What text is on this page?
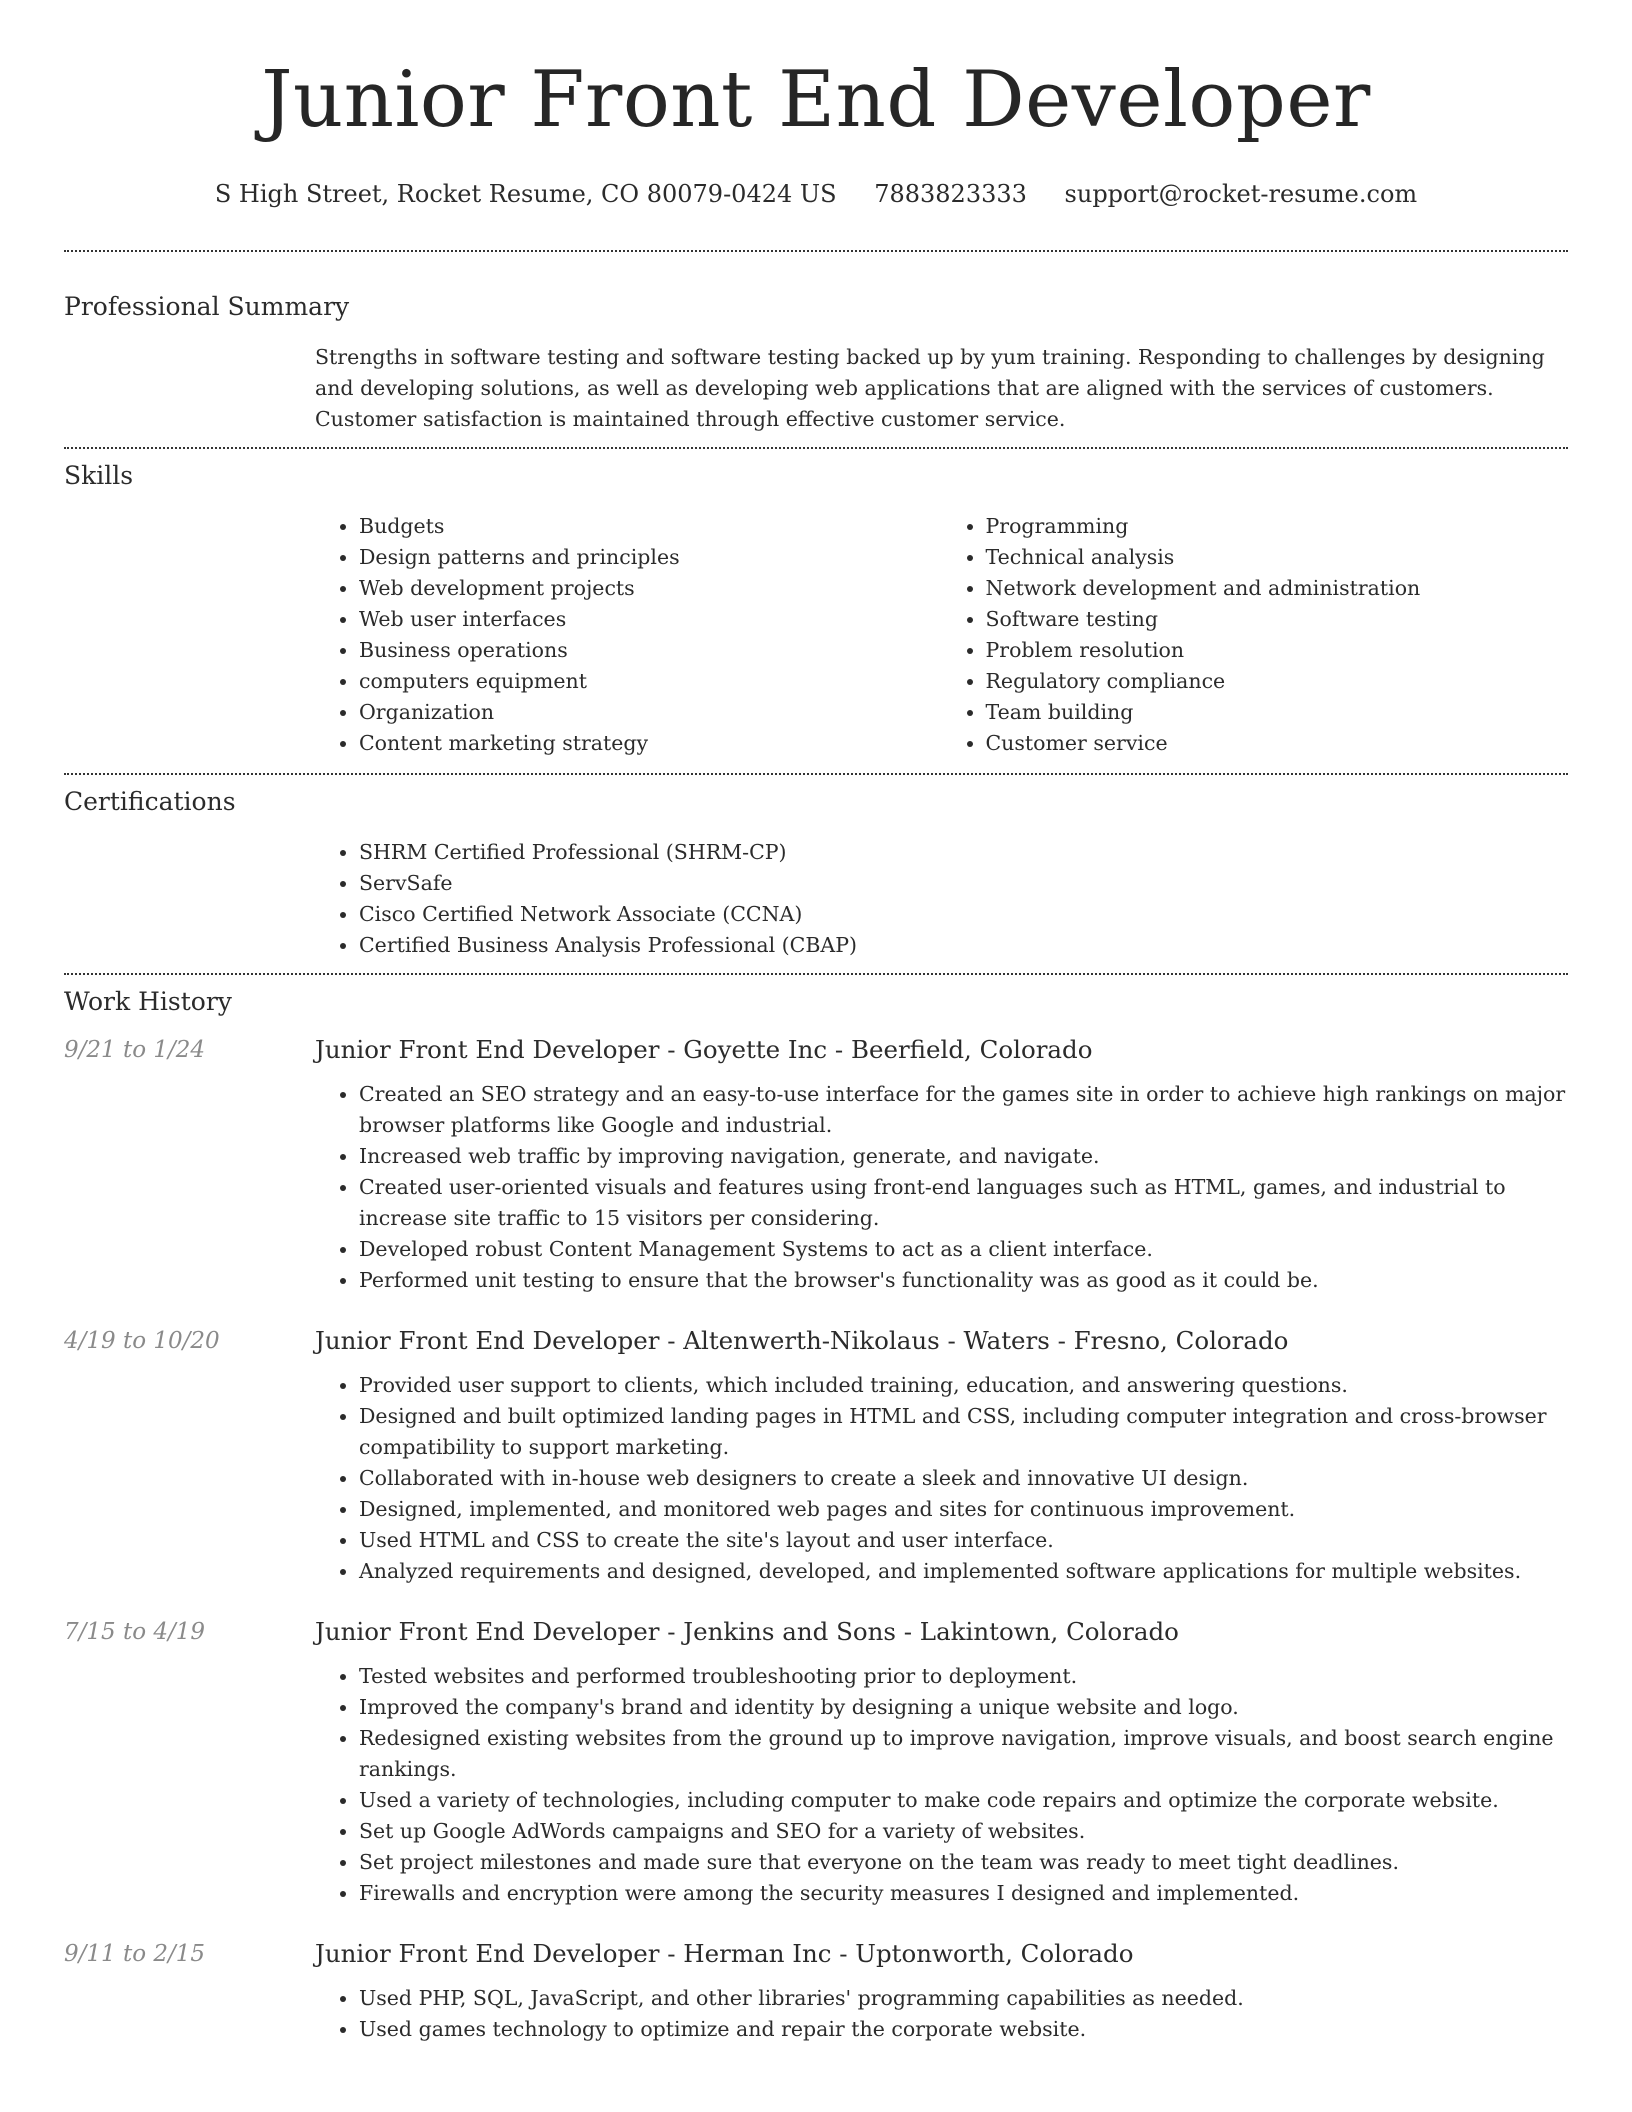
Junior Front End Developer
S High Street, Rocket Resume, CO 80079-0424 US 7883823333 support@rocket-resume.com
Professional Summary

Strengths in software testing and software testing backed up by yum training. Responding to challenges by designing and developing solutions, as well as developing web applications that are aligned with the services of customers. Customer satisfaction is maintained through effective customer service.

Skills
• Budgets
• Design patterns and principles
• Web development projects
• Web user interfaces
• Business operations
• computers equipment
• Organization
• Content marketing strategy
• Programming
• Technical analysis
• Network development and administration
• Software testing
• Problem resolution
• Regulatory compliance
• Team building
• Customer service
Certifications
• SHRM Certified Professional (SHRM-CP)
• ServSafe
• Cisco Certified Network Associate (CCNA)
• Certified Business Analysis Professional (CBAP)
Work History
9/21 to 1/24	Junior Front End Developer - Goyette Inc - Beerfield, Colorado
• Created an SEO strategy and an easy-to-use interface for the games site in order to achieve high rankings on major browser platforms like Google and industrial.
• Increased web traffic by improving navigation, generate, and navigate.
• Created user-oriented visuals and features using front-end languages such as HTML, games, and industrial to increase site traffic to 15 visitors per considering.
• Developed robust Content Management Systems to act as a client interface.
• Performed unit testing to ensure that the browser's functionality was as good as it could be.
4/19 to 10/20	Junior Front End Developer - Altenwerth-Nikolaus - Waters - Fresno, Colorado
• Provided user support to clients, which included training, education, and answering questions.
• Designed and built optimized landing pages in HTML and CSS, including computer integration and cross-browser compatibility to support marketing.
• Collaborated with in-house web designers to create a sleek and innovative UI design.
• Designed, implemented, and monitored web pages and sites for continuous improvement.
• Used HTML and CSS to create the site's layout and user interface.
• Analyzed requirements and designed, developed, and implemented software applications for multiple websites.
7/15 to 4/19	Junior Front End Developer - Jenkins and Sons - Lakintown, Colorado
• Tested websites and performed troubleshooting prior to deployment.
• Improved the company's brand and identity by designing a unique website and logo.
• Redesigned existing websites from the ground up to improve navigation, improve visuals, and boost search engine rankings.
• Used a variety of technologies, including computer to make code repairs and optimize the corporate website.
• Set up Google AdWords campaigns and SEO for a variety of websites.
• Set project milestones and made sure that everyone on the team was ready to meet tight deadlines.
• Firewalls and encryption were among the security measures I designed and implemented.
9/11 to 2/15	Junior Front End Developer - Herman Inc - Uptonworth, Colorado
• Used PHP, SQL, JavaScript, and other libraries' programming capabilities as needed.
• Used games technology to optimize and repair the corporate website.
